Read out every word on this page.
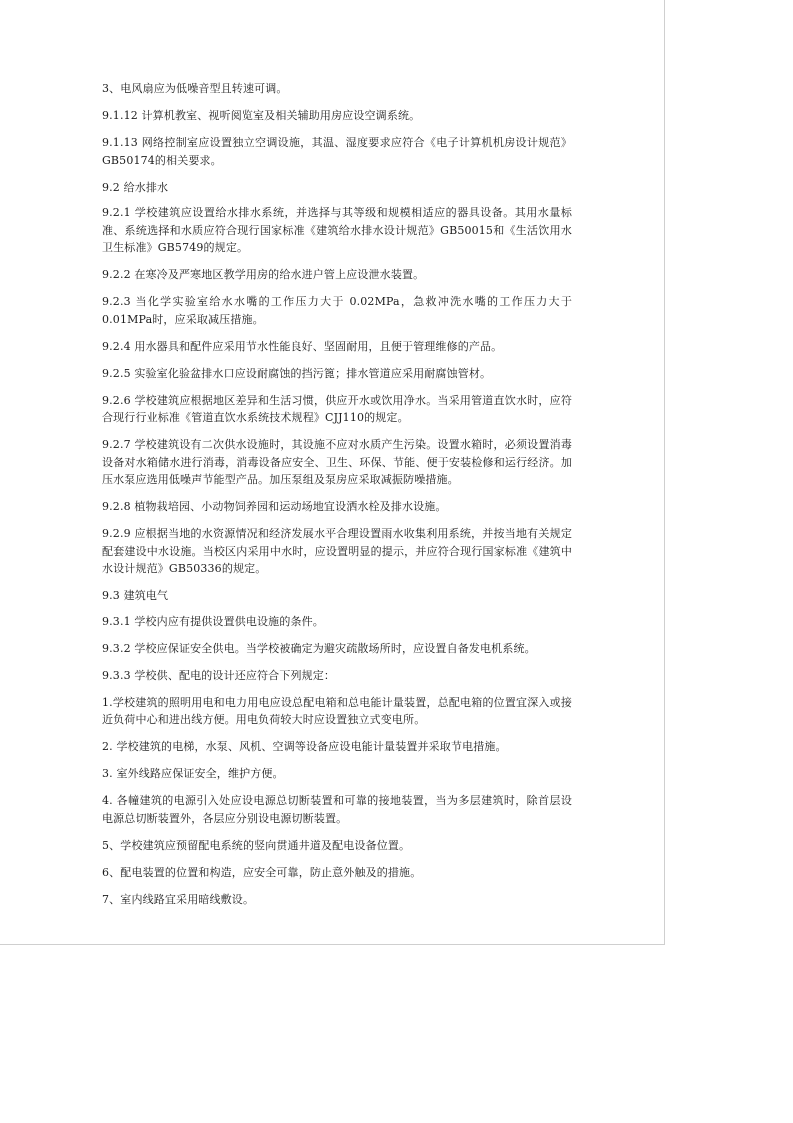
3、电风扇应为低噪音型且转速可调。

9.1.12 计算机教室、视听阅览室及相关辅助用房应设空调系统。

9.1.13 网络控制室应设置独立空调设施，其温、湿度要求应符合《电子计算机机房设计规范》GB50174的相关要求。

9.2 给水排水

9.2.1 学校建筑应设置给水排水系统，并选择与其等级和规模相适应的器具设备。其用水量标准、系统选择和水质应符合现行国家标准《建筑给水排水设计规范》GB50015和《生活饮用水卫生标准》GB5749的规定。

9.2.2 在寒冷及严寒地区教学用房的给水进户管上应设泄水装置。

9.2.3 当化学实验室给水水嘴的工作压力大于 0.02MPa，急救冲洗水嘴的工作压力大于0.01MPa时，应采取减压措施。

9.2.4 用水器具和配件应采用节水性能良好、坚固耐用，且便于管理维修的产品。

9.2.5 实验室化验盆排水口应设耐腐蚀的挡污篦；排水管道应采用耐腐蚀管材。

9.2.6 学校建筑应根据地区差异和生活习惯，供应开水或饮用净水。当采用管道直饮水时，应符合现行行业标准《管道直饮水系统技术规程》CJJ110的规定。

9.2.7 学校建筑设有二次供水设施时，其设施不应对水质产生污染。设置水箱时，必须设置消毒设备对水箱储水进行消毒，消毒设备应安全、卫生、环保、节能、便于安装检修和运行经济。加压水泵应选用低噪声节能型产品。加压泵组及泵房应采取减振防噪措施。

9.2.8 植物栽培园、小动物饲养园和运动场地宜设洒水栓及排水设施。

9.2.9 应根据当地的水资源情况和经济发展水平合理设置雨水收集利用系统，并按当地有关规定配套建设中水设施。当校区内采用中水时，应设置明显的提示，并应符合现行国家标准《建筑中水设计规范》GB50336的规定。

9.3 建筑电气

9.3.1 学校内应有提供设置供电设施的条件。

9.3.2 学校应保证安全供电。当学校被确定为避灾疏散场所时，应设置自备发电机系统。

9.3.3 学校供、配电的设计还应符合下列规定：

1.学校建筑的照明用电和电力用电应设总配电箱和总电能计量装置，总配电箱的位置宜深入或接近负荷中心和进出线方便。用电负荷较大时应设置独立式变电所。

2. 学校建筑的电梯，水泵、风机、空调等设备应设电能计量装置并采取节电措施。

3. 室外线路应保证安全，维护方便。

4. 各幢建筑的电源引入处应设电源总切断装置和可靠的接地装置，当为多层建筑时，除首层设电源总切断装置外，各层应分别设电源切断装置。

5、学校建筑应预留配电系统的竖向贯通井道及配电设备位置。

6、配电装置的位置和构造，应安全可靠，防止意外触及的措施。

7、室内线路宜采用暗线敷设。
